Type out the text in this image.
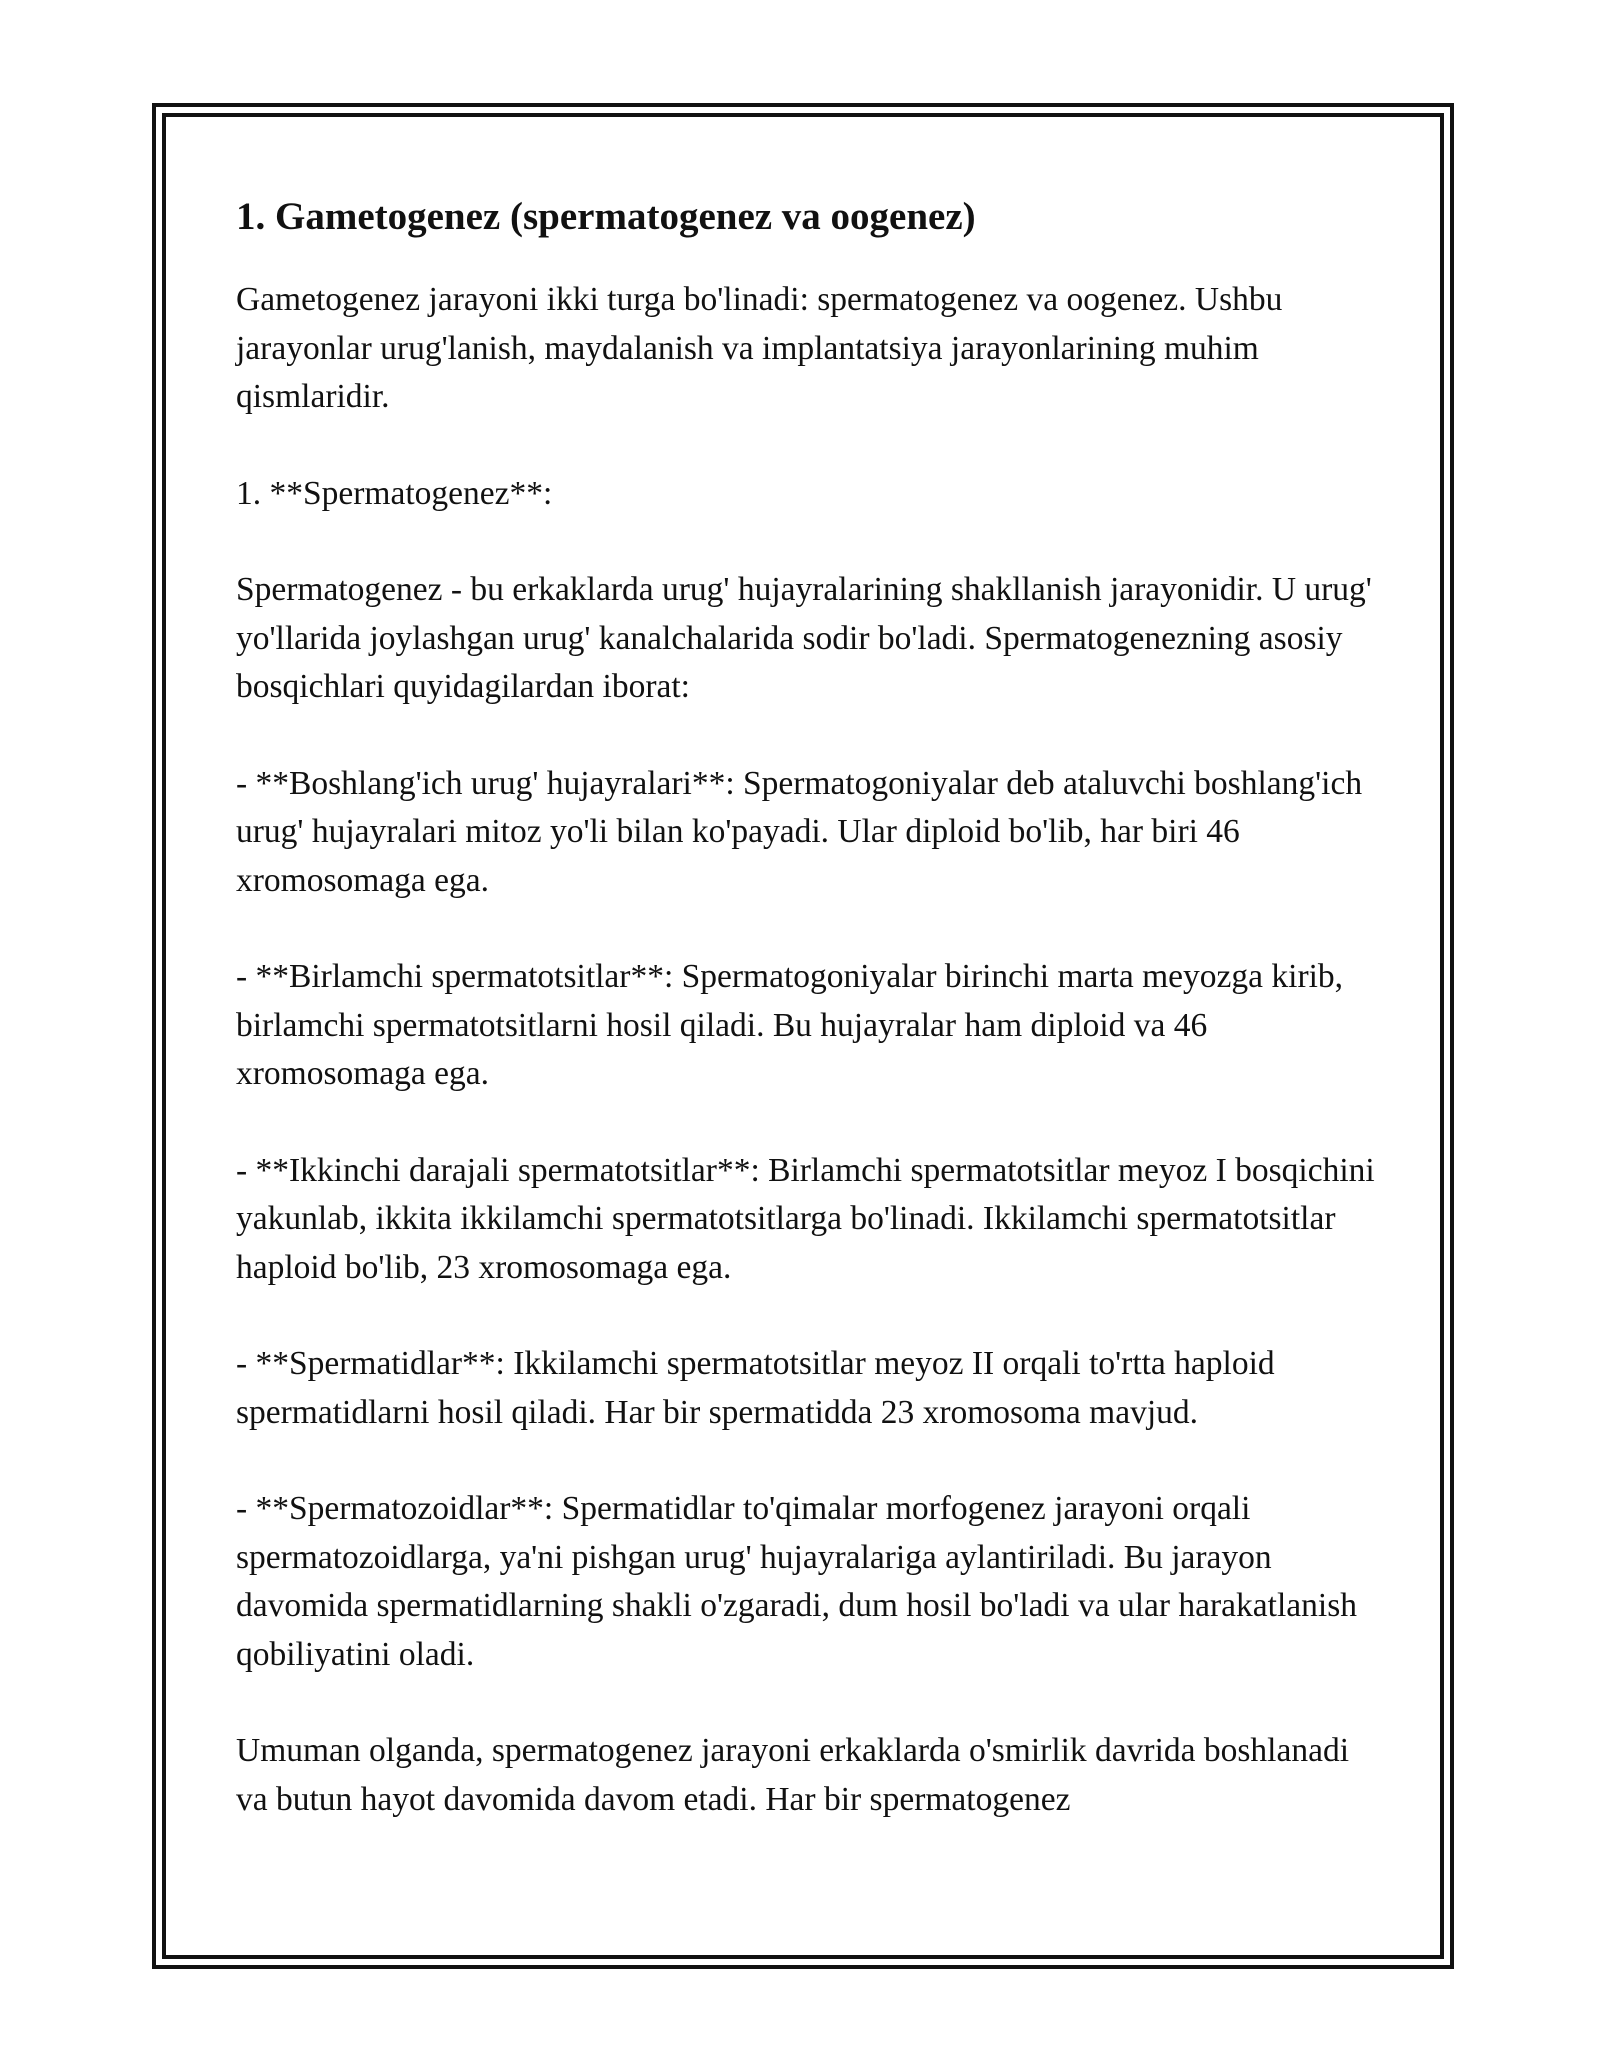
1. Gametogenez (spermatogenez va oogenez)

Gametogenez jarayoni ikki turga bo'linadi: spermatogenez va oogenez. Ushbu jarayonlar urug'lanish, maydalanish va implantatsiya jarayonlarining muhim qismlaridir.

1. **Spermatogenez**:

Spermatogenez - bu erkaklarda urug' hujayralarining shakllanish jarayonidir. U urug' yo'llarida joylashgan urug' kanalchalarida sodir bo'ladi. Spermatogenezning asosiy bosqichlari quyidagilardan iborat:

- **Boshlang'ich urug' hujayralari**: Spermatogoniyalar deb ataluvchi boshlang'ich urug' hujayralari mitoz yo'li bilan ko'payadi. Ular diploid bo'lib, har biri 46 xromosomaga ega.

- **Birlamchi spermatotsitlar**: Spermatogoniyalar birinchi marta meyozga kirib, birlamchi spermatotsitlarni hosil qiladi. Bu hujayralar ham diploid va 46 xromosomaga ega.

- **Ikkinchi darajali spermatotsitlar**: Birlamchi spermatotsitlar meyoz I bosqichini yakunlab, ikkita ikkilamchi spermatotsitlarga bo'linadi. Ikkilamchi spermatotsitlar haploid bo'lib, 23 xromosomaga ega.

- **Spermatidlar**: Ikkilamchi spermatotsitlar meyoz II orqali to'rtta haploid spermatidlarni hosil qiladi. Har bir spermatidda 23 xromosoma mavjud.

- **Spermatozoidlar**: Spermatidlar to'qimalar morfogenez jarayoni orqali spermatozoidlarga, ya'ni pishgan urug' hujayralariga aylantiriladi. Bu jarayon davomida spermatidlarning shakli o'zgaradi, dum hosil bo'ladi va ular harakatlanish qobiliyatini oladi.

Umuman olganda, spermatogenez jarayoni erkaklarda o'smirlik davrida boshlanadi va butun hayot davomida davom etadi. Har bir spermatogenez
